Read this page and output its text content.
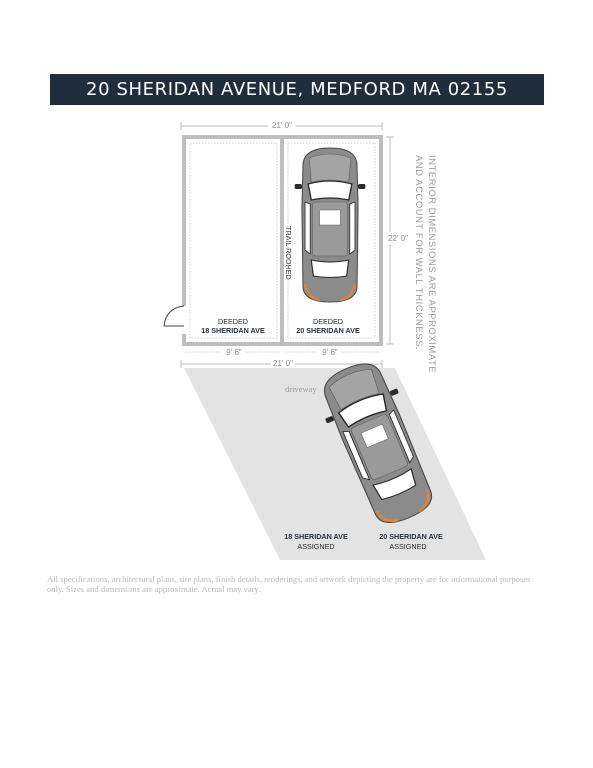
20 SHERIDAN AVENUE, MEDFORD MA 02155
21' 0"
22' 0"
TRAIL ROOHED
DEEDED
18 SHERIDAN AVE
DEEDED
20 SHERIDAN AVE
9' 6"	9' 6"
21' 0"	INTERIOR DIMENSIONS ARE APPROXIMATE
AND ACCOUNT FOR WALL THICKNESS.
driveway
18 SHERIDAN AVE
ASSIGNED
20 SHERIDAN AVE
ASSIGNED
All specifications, architectural plans, site plans, finish details, renderings, and artwork depicting the property are for informational purposes only. Sizes and dimensions are approximate. Actual may vary.
